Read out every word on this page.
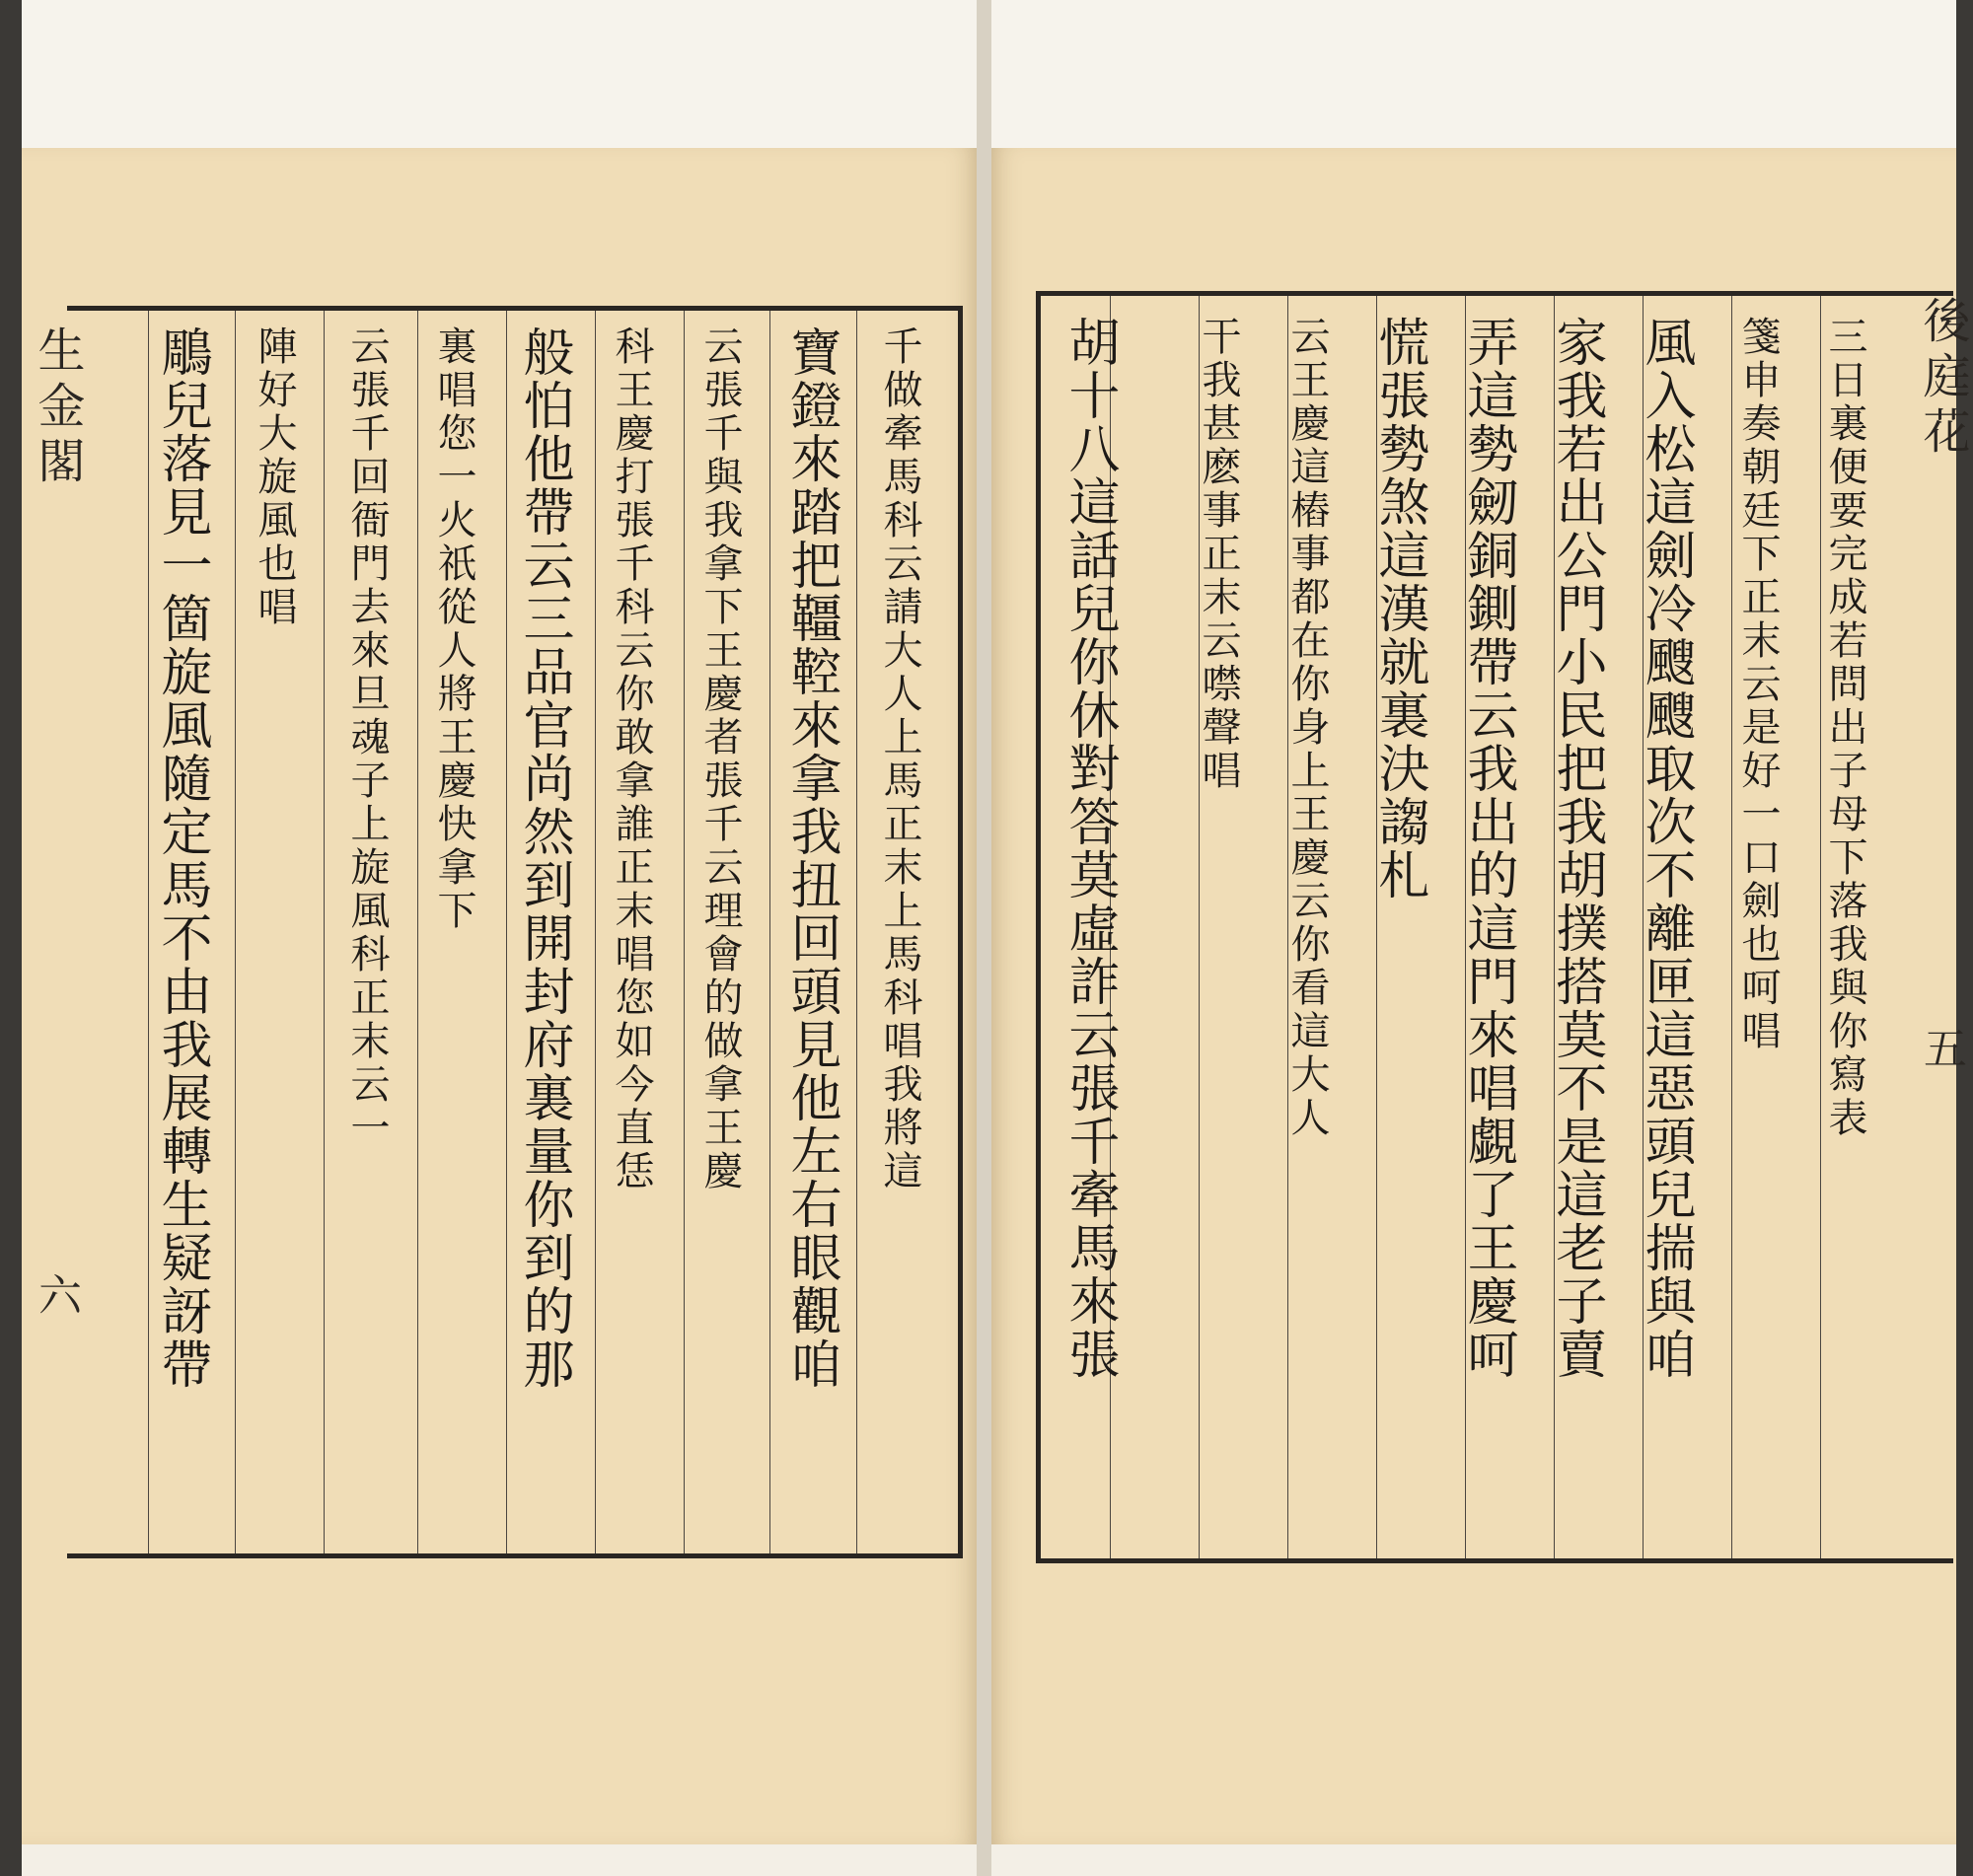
生金閣
六
千做牽馬科云請大人上馬正末上馬科唱我將這
寶鐙來踏把韁鞚來拿我扭回頭見他左右眼觀咱
云張千與我拿下王慶者張千云理會的做拿王慶
科王慶打張千科云你敢拿誰正末唱您如今直恁
般怕他帶云三品官尚然到開封府裏量你到的那
裏唱您一火祇從人將王慶快拿下
云張千回衙門去來旦魂子上旋風科正末云一
陣好大旋風也唱
鵰兒落見一箇旋風隨定馬不由我展轉生疑訝帶	後庭花
五
三日裏便要完成若問出子母下落我與你寫表
箋申奏朝廷下正末云是好一口劍也呵唱
風入松這劍冷颼颼取次不離匣這惡頭兒揣與咱
家我若出公門小民把我胡撲搭莫不是這老子賣
弄這勢劒銅鍘帶云我出的這門來唱覷了王慶呵
慌張勢煞這漢就裏決謅札
云王慶這樁事都在你身上王慶云你看這大人
干我甚麽事正末云噤聲唱
胡十八這話兒你休對答莫虛詐云張千牽馬來張
